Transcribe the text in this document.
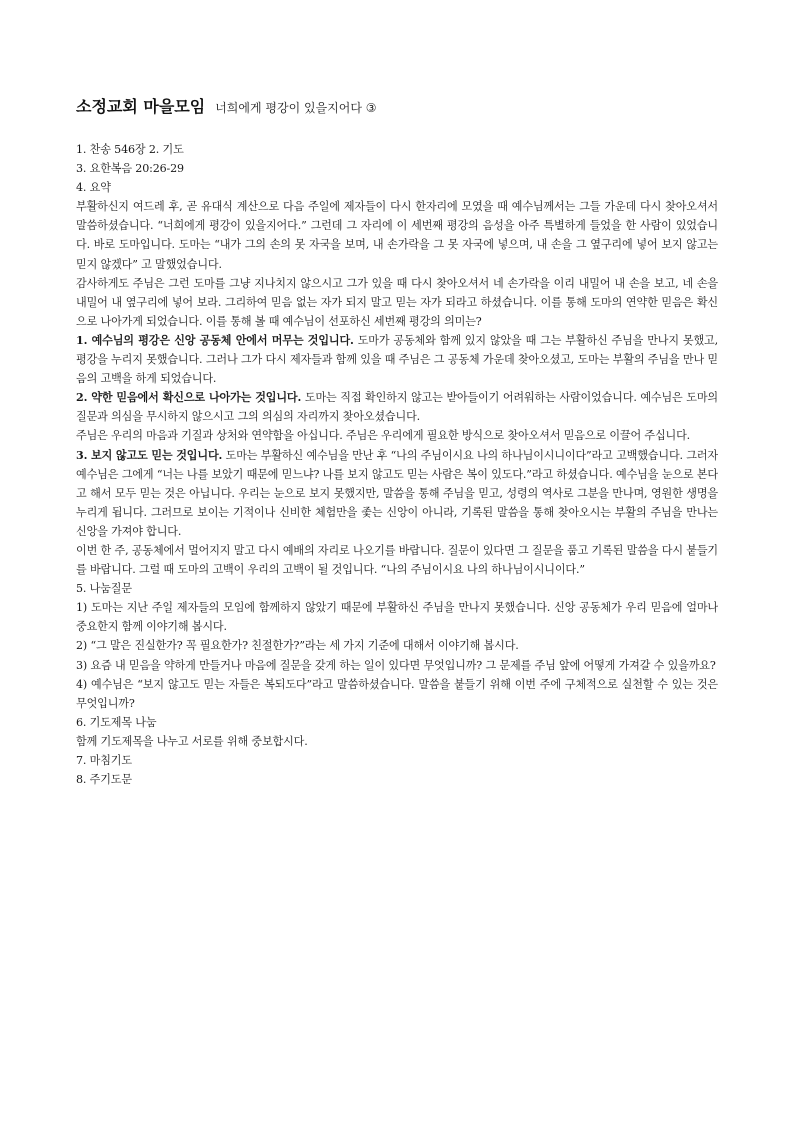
소정교회 마을모임 너희에게 평강이 있을지어다 ③

1. 찬송 546장 2. 기도

3. 요한복음 20:26-29

4. 요약

부활하신지 여드레 후, 곧 유대식 계산으로 다음 주일에 제자들이 다시 한자리에 모였을 때 예수님께서는 그들 가운데 다시 찾아오셔서 말씀하셨습니다. “너희에게 평강이 있을지어다.” 그런데 그 자리에 이 세번째 평강의 음성을 아주 특별하게 들었을 한 사람이 있었습니다. 바로 도마입니다. 도마는 “내가 그의 손의 못 자국을 보며, 내 손가락을 그 못 자국에 넣으며, 내 손을 그 옆구리에 넣어 보지 않고는 믿지 않겠다” 고 말했었습니다.

감사하게도 주님은 그런 도마를 그냥 지나치지 않으시고 그가 있을 때 다시 찾아오셔서 네 손가락을 이리 내밀어 내 손을 보고, 네 손을 내밀어 내 옆구리에 넣어 보라. 그리하여 믿음 없는 자가 되지 말고 믿는 자가 되라고 하셨습니다. 이를 통해 도마의 연약한 믿음은 확신으로 나아가게 되었습니다. 이를 통해 볼 때 예수님이 선포하신 세번째 평강의 의미는?

1. 예수님의 평강은 신앙 공동체 안에서 머무는 것입니다. 도마가 공동체와 함께 있지 않았을 때 그는 부활하신 주님을 만나지 못했고, 평강을 누리지 못했습니다. 그러나 그가 다시 제자들과 함께 있을 때 주님은 그 공동체 가운데 찾아오셨고, 도마는 부활의 주님을 만나 믿음의 고백을 하게 되었습니다.

2. 약한 믿음에서 확신으로 나아가는 것입니다. 도마는 직접 확인하지 않고는 받아들이기 어려워하는 사람이었습니다. 예수님은 도마의 질문과 의심을 무시하지 않으시고 그의 의심의 자리까지 찾아오셨습니다.

주님은 우리의 마음과 기질과 상처와 연약함을 아십니다. 주님은 우리에게 필요한 방식으로 찾아오셔서 믿음으로 이끌어 주십니다.

3. 보지 않고도 믿는 것입니다. 도마는 부활하신 예수님을 만난 후 “나의 주님이시요 나의 하나님이시니이다”라고 고백했습니다. 그러자 예수님은 그에게 “너는 나를 보았기 때문에 믿느냐? 나를 보지 않고도 믿는 사람은 복이 있도다.”라고 하셨습니다. 예수님을 눈으로 본다고 해서 모두 믿는 것은 아닙니다. 우리는 눈으로 보지 못했지만, 말씀을 통해 주님을 믿고, 성령의 역사로 그분을 만나며, 영원한 생명을 누리게 됩니다. 그러므로 보이는 기적이나 신비한 체험만을 좇는 신앙이 아니라, 기록된 말씀을 통해 찾아오시는 부활의 주님을 만나는 신앙을 가져야 합니다.

이번 한 주, 공동체에서 멀어지지 말고 다시 예배의 자리로 나오기를 바랍니다. 질문이 있다면 그 질문을 품고 기록된 말씀을 다시 붙들기를 바랍니다. 그럴 때 도마의 고백이 우리의 고백이 될 것입니다. “나의 주님이시요 나의 하나님이시니이다.”

5. 나눔질문

1) 도마는 지난 주일 제자들의 모임에 함께하지 않았기 때문에 부활하신 주님을 만나지 못했습니다. 신앙 공동체가 우리 믿음에 얼마나 중요한지 함께 이야기해 봅시다.

2) “그 말은 진실한가? 꼭 필요한가? 친절한가?”라는 세 가지 기준에 대해서 이야기해 봅시다.

3) 요즘 내 믿음을 약하게 만들거나 마음에 질문을 갖게 하는 일이 있다면 무엇입니까? 그 문제를 주님 앞에 어떻게 가져갈 수 있을까요?

4) 예수님은 “보지 않고도 믿는 자들은 복되도다”라고 말씀하셨습니다. 말씀을 붙들기 위해 이번 주에 구체적으로 실천할 수 있는 것은 무엇입니까?

6. 기도제목 나눔

함께 기도제목을 나누고 서로를 위해 중보합시다.

7. 마침기도

8. 주기도문
